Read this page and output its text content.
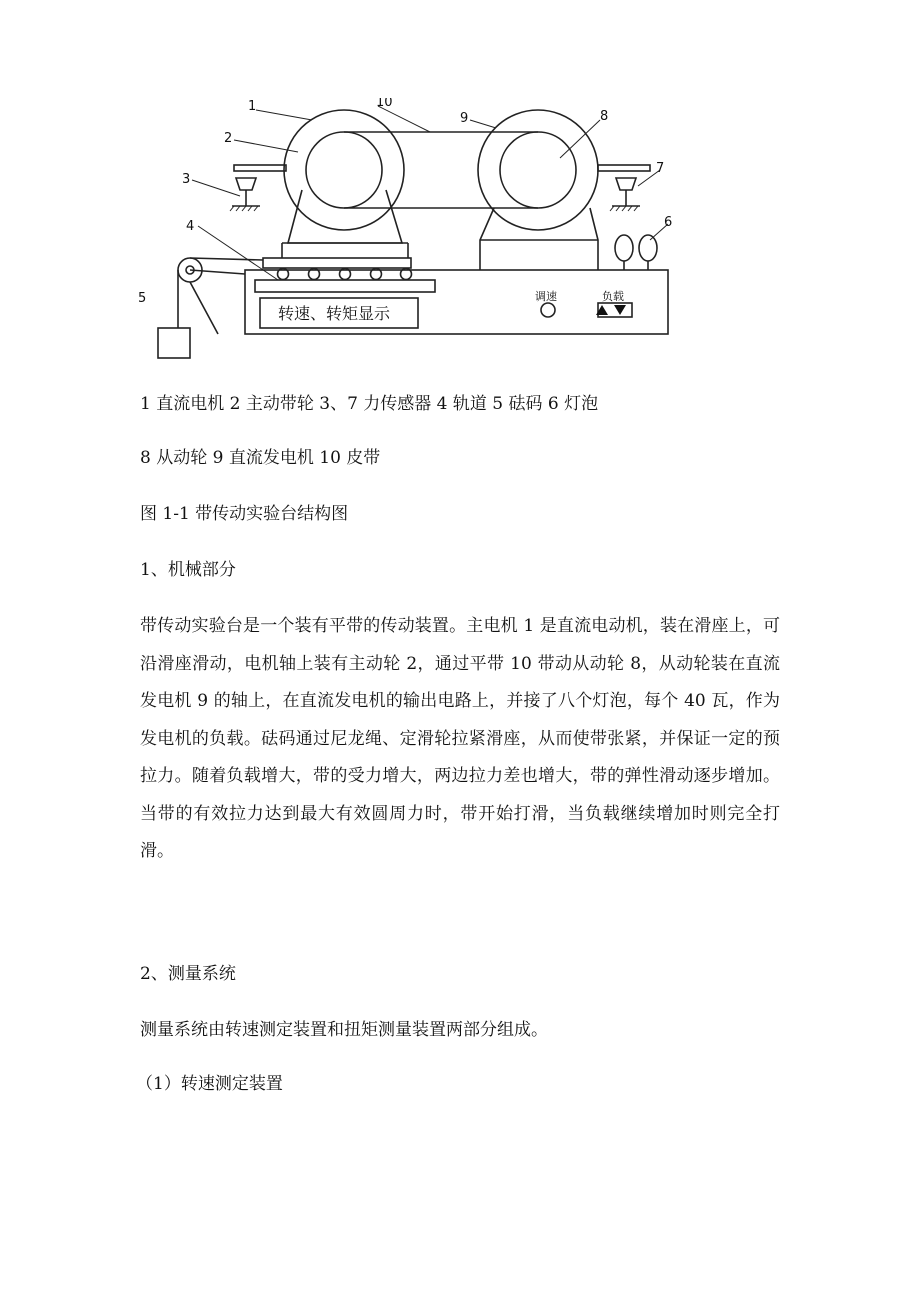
1
2
3
4
5
6
7
8
9
10
转速、转矩显示
调速	负载

1 直流电机 2 主动带轮 3、7 力传感器 4 轨道 5 砝码 6 灯泡

8 从动轮 9 直流发电机 10 皮带

图 1-1 带传动实验台结构图

1、机械部分

带传动实验台是一个装有平带的传动装置。主电机 1 是直流电动机，装在滑座上，可沿滑座滑动，电机轴上装有主动轮 2，通过平带 10 带动从动轮 8，从动轮装在直流发电机 9 的轴上，在直流发电机的输出电路上，并接了八个灯泡，每个 40 瓦，作为发电机的负载。砝码通过尼龙绳、定滑轮拉紧滑座，从而使带张紧，并保证一定的预拉力。随着负载增大，带的受力增大，两边拉力差也增大，带的弹性滑动逐步增加。当带的有效拉力达到最大有效圆周力时，带开始打滑，当负载继续增加时则完全打滑。

2、测量系统

测量系统由转速测定装置和扭矩测量装置两部分组成。

（1）转速测定装置
